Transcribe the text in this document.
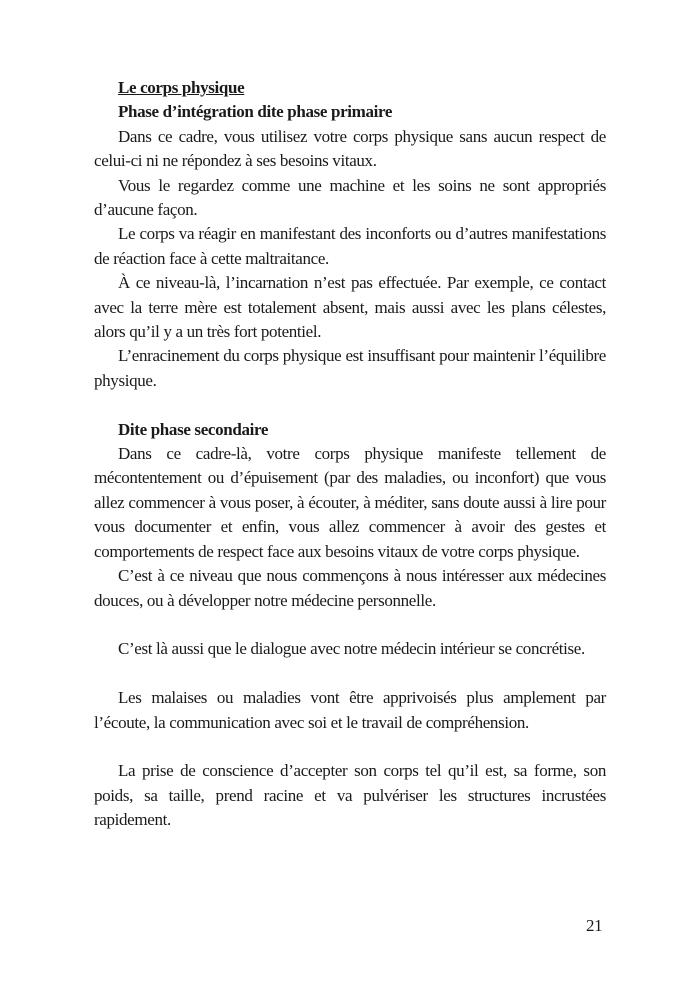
Le corps physique

Phase d’intégration dite phase primaire

Dans ce cadre, vous utilisez votre corps physique sans aucun respect de celui-ci ni ne répondez à ses besoins vitaux.

Vous le regardez comme une machine et les soins ne sont appropriés d’aucune façon.

Le corps va réagir en manifestant des inconforts ou d’autres manifestations de réaction face à cette maltraitance.

À ce niveau-là, l’incarnation n’est pas effectuée. Par exemple, ce contact avec la terre mère est totalement absent, mais aussi avec les plans célestes, alors qu’il y a un très fort potentiel.

L’enracinement du corps physique est insuffisant pour maintenir l’équilibre physique.

Dite phase secondaire

Dans ce cadre-là, votre corps physique manifeste tellement de mécontentement ou d’épuisement (par des maladies, ou inconfort) que vous allez commencer à vous poser, à écouter, à méditer, sans doute aussi à lire pour vous documenter et enfin, vous allez commencer à avoir des gestes et comportements de respect face aux besoins vitaux de votre corps physique.

C’est à ce niveau que nous commençons à nous intéresser aux médecines douces, ou à développer notre médecine personnelle.

C’est là aussi que le dialogue avec notre médecin intérieur se concrétise.

Les malaises ou maladies vont être apprivoisés plus amplement par l’écoute, la communication avec soi et le travail de compréhension.

La prise de conscience d’accepter son corps tel qu’il est, sa forme, son poids, sa taille, prend racine et va pulvériser les structures incrustées rapidement.

21
